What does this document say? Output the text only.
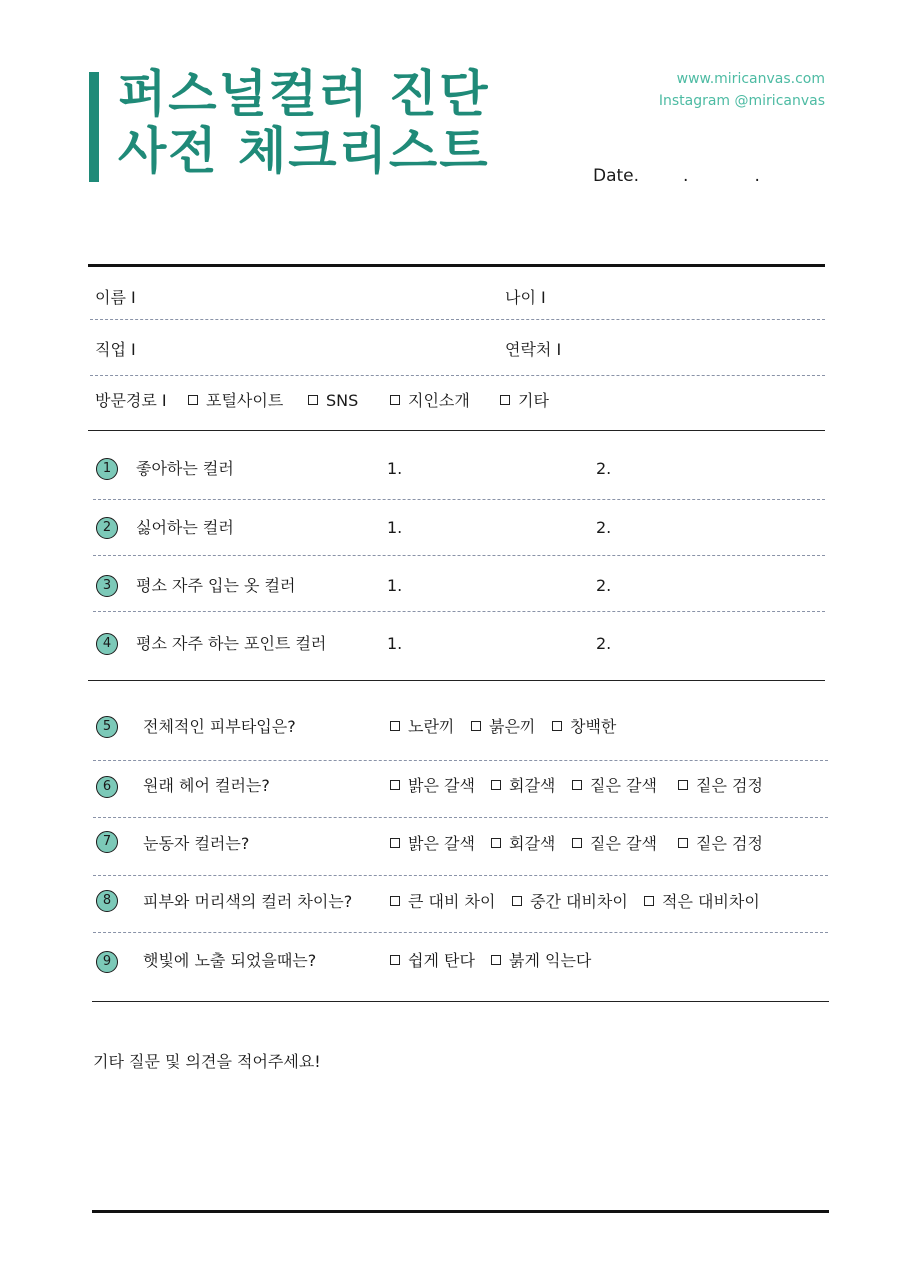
퍼스널컬러 진단
사전 체크리스트
www.miricanvas.com
Instagram @miricanvas
Date.	.	.
이름 I	나이 I
직업 I	연락처 I
방문경로 I	포털사이트	SNS	지인소개	기타
1	좋아하는 컬러	1.	2.
2	싫어하는 컬러	1.	2.
3	평소 자주 입는 옷 컬러	1.	2.
4	평소 자주 하는 포인트 컬러	1.	2.
5	전체적인 피부타입은?	노란끼	붉은끼	창백한
6	원래 헤어 컬러는?	밝은 갈색	회갈색	짙은 갈색	짙은 검정
7	눈동자 컬러는?	밝은 갈색	회갈색	짙은 갈색	짙은 검정
8	피부와 머리색의 컬러 차이는?	큰 대비 차이	중간 대비차이	적은 대비차이
9	햇빛에 노출 되었을때는?	쉽게 탄다	붉게 익는다
기타 질문 및 의견을 적어주세요!
